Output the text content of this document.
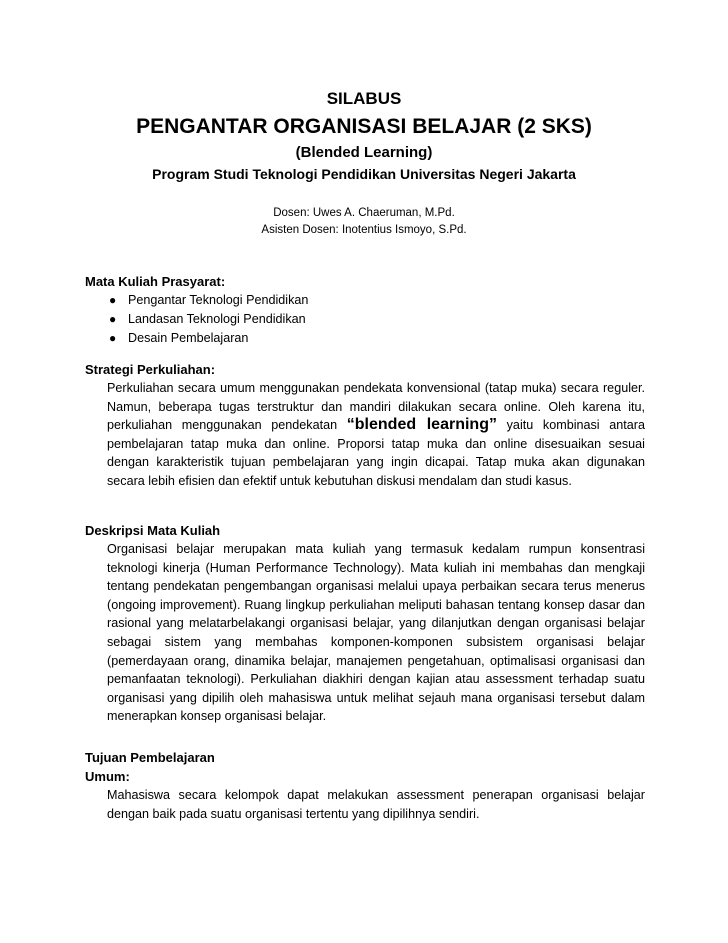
SILABUS
PENGANTAR ORGANISASI BELAJAR (2 SKS)
(Blended Learning)
Program Studi Teknologi Pendidikan Universitas Negeri Jakarta
Dosen: Uwes A. Chaeruman, M.Pd.
Asisten Dosen: Inotentius Ismoyo, S.Pd.
Mata Kuliah Prasyarat:
● Pengantar Teknologi Pendidikan
● Landasan Teknologi Pendidikan
● Desain Pembelajaran
Strategi Perkuliahan:
Perkuliahan secara umum menggunakan pendekata konvensional (tatap muka) secara reguler. Namun, beberapa tugas terstruktur dan mandiri dilakukan secara online. Oleh karena itu, perkuliahan menggunakan pendekatan “blended learning” yaitu kombinasi antara pembelajaran tatap muka dan online. Proporsi tatap muka dan online disesuaikan sesuai dengan karakteristik tujuan pembelajaran yang ingin dicapai. Tatap muka akan digunakan secara lebih efisien dan efektif untuk kebutuhan diskusi mendalam dan studi kasus.
Deskripsi Mata Kuliah
Organisasi belajar merupakan mata kuliah yang termasuk kedalam rumpun konsentrasi teknologi kinerja (Human Performance Technology). Mata kuliah ini membahas dan mengkaji tentang pendekatan pengembangan organisasi melalui upaya perbaikan secara terus menerus (ongoing improvement). Ruang lingkup perkuliahan meliputi bahasan tentang konsep dasar dan rasional yang melatarbelakangi organisasi belajar, yang dilanjutkan dengan organisasi belajar sebagai sistem yang membahas komponen-komponen subsistem organisasi belajar (pemerdayaan orang, dinamika belajar, manajemen pengetahuan, optimalisasi organisasi dan pemanfaatan teknologi). Perkuliahan diakhiri dengan kajian atau assessment terhadap suatu organisasi yang dipilih oleh mahasiswa untuk melihat sejauh mana organisasi tersebut dalam menerapkan konsep organisasi belajar.
Tujuan Pembelajaran
Umum:
Mahasiswa secara kelompok dapat melakukan assessment penerapan organisasi belajar dengan baik pada suatu organisasi tertentu yang dipilihnya sendiri.
